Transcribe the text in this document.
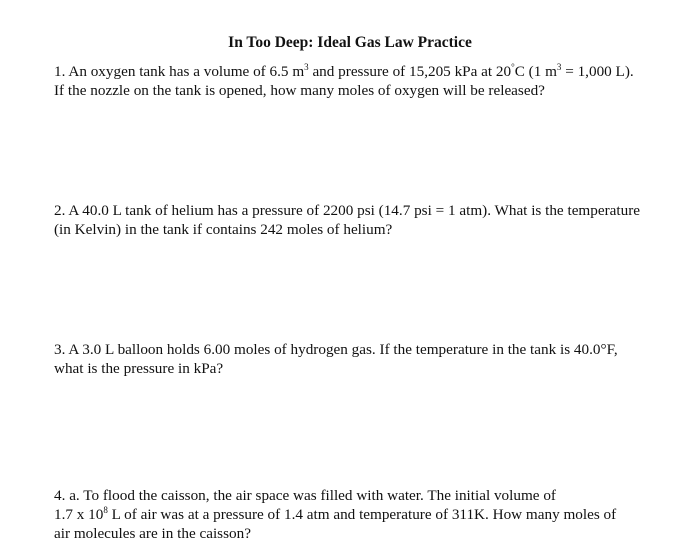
In Too Deep: Ideal Gas Law Practice
1. An oxygen tank has a volume of 6.5 $m^3$ and pressure of 15,205 kPa at 20°C (1 $m^3 = 1,000$ L).
If the nozzle on the tank is opened, how many moles of oxygen will be released?
2. A 40.0 L tank of helium has a pressure of 2200 psi (14.7 psi = 1 atm). What is the temperature
(in Kelvin) in the tank if contains 242 moles of helium?
3. A 3.0 L balloon holds 6.00 moles of hydrogen gas. If the temperature in the tank is 40.0°F,
what is the pressure in kPa?
4. a. To flood the caisson, the air space was filled with water. The initial volume of
1.7 x $10^8$ L of air was at a pressure of 1.4 atm and temperature of 311K. How many moles of
air molecules are in the caisson?
